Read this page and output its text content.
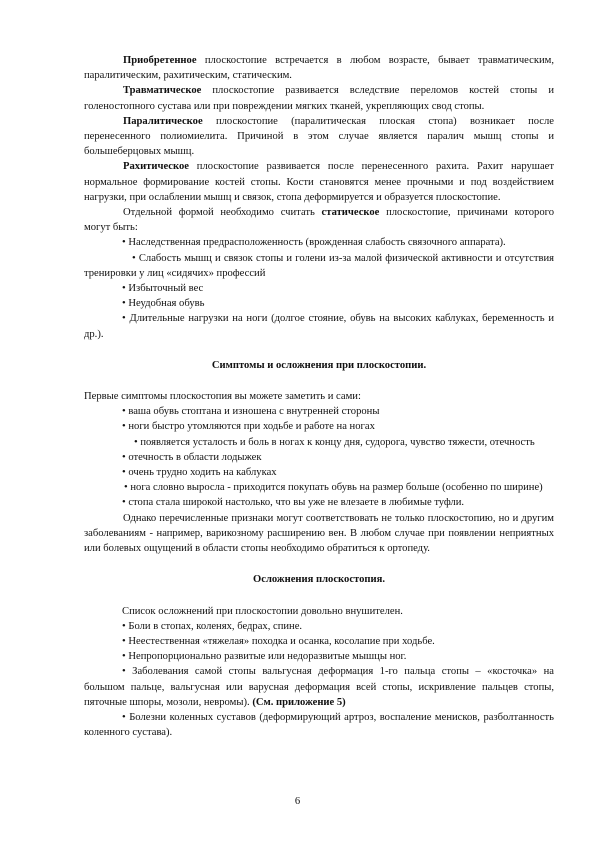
Приобретенное плоскостопие встречается в любом возрасте, бывает травматическим, паралитическим, рахитическим, статическим.

Травматическое плоскостопие развивается вследствие переломов костей стопы и голеностопного сустава или при повреждении мягких тканей, укрепляющих свод стопы.

Паралитическое плоскостопие (паралитическая плоская стопа) возникает после перенесенного полиомиелита. Причиной в этом случае является паралич мышц стопы и большеберцовых мышц.

Рахитическое плоскостопие развивается после перенесенного рахита. Рахит нарушает нормальное формирование костей стопы. Кости становятся менее прочными и под воздействием нагрузки, при ослаблении мышц и связок, стопа деформируется и образуется плоскостопие.

Отдельной формой необходимо считать статическое плоскостопие, причинами которого могут быть:

• Наследственная предрасположенность (врожденная слабость связочного аппарата).

• Слабость мышц и связок стопы и голени из-за малой физической активности и отсутствия тренировки у лиц «сидячих» профессий

• Избыточный вес

• Неудобная обувь

• Длительные нагрузки на ноги (долгое стояние, обувь на высоких каблуках, беременность и др.).

Симптомы и осложнения при плоскостопии.

Первые симптомы плоскостопия вы можете заметить и сами:

• ваша обувь стоптана и изношена с внутренней стороны

• ноги быстро утомляются при ходьбе и работе на ногах

• появляется усталость и боль в ногах к концу дня, судорога, чувство тяжести, отечность

• отечность в области лодыжек

• очень трудно ходить на каблуках

• нога словно выросла - приходится покупать обувь на размер больше (особенно по ширине)

• стопа стала широкой настолько, что вы уже не влезаете в любимые туфли.

Однако перечисленные признаки могут соответствовать не только плоскостопию, но и другим заболеваниям - например, варикозному расширению вен. В любом случае при появлении неприятных или болевых ощущений в области стопы необходимо обратиться к ортопеду.

Осложнения плоскостопия.

Список осложнений при плоскостопии довольно внушителен.

• Боли в стопах, коленях, бедрах, спине.

• Неестественная «тяжелая» походка и осанка, косолапие при ходьбе.

• Непропорционально развитые или недоразвитые мышцы ног.

• Заболевания самой стопы вальгусная деформация 1-го пальца стопы – «косточка» на большом пальце, вальгусная или варусная деформация всей стопы, искривление пальцев стопы, пяточные шпоры, мозоли, невромы). (См. приложение 5)

• Болезни коленных суставов (деформирующий артроз, воспаление менисков, разболтанность коленного сустава).

6
